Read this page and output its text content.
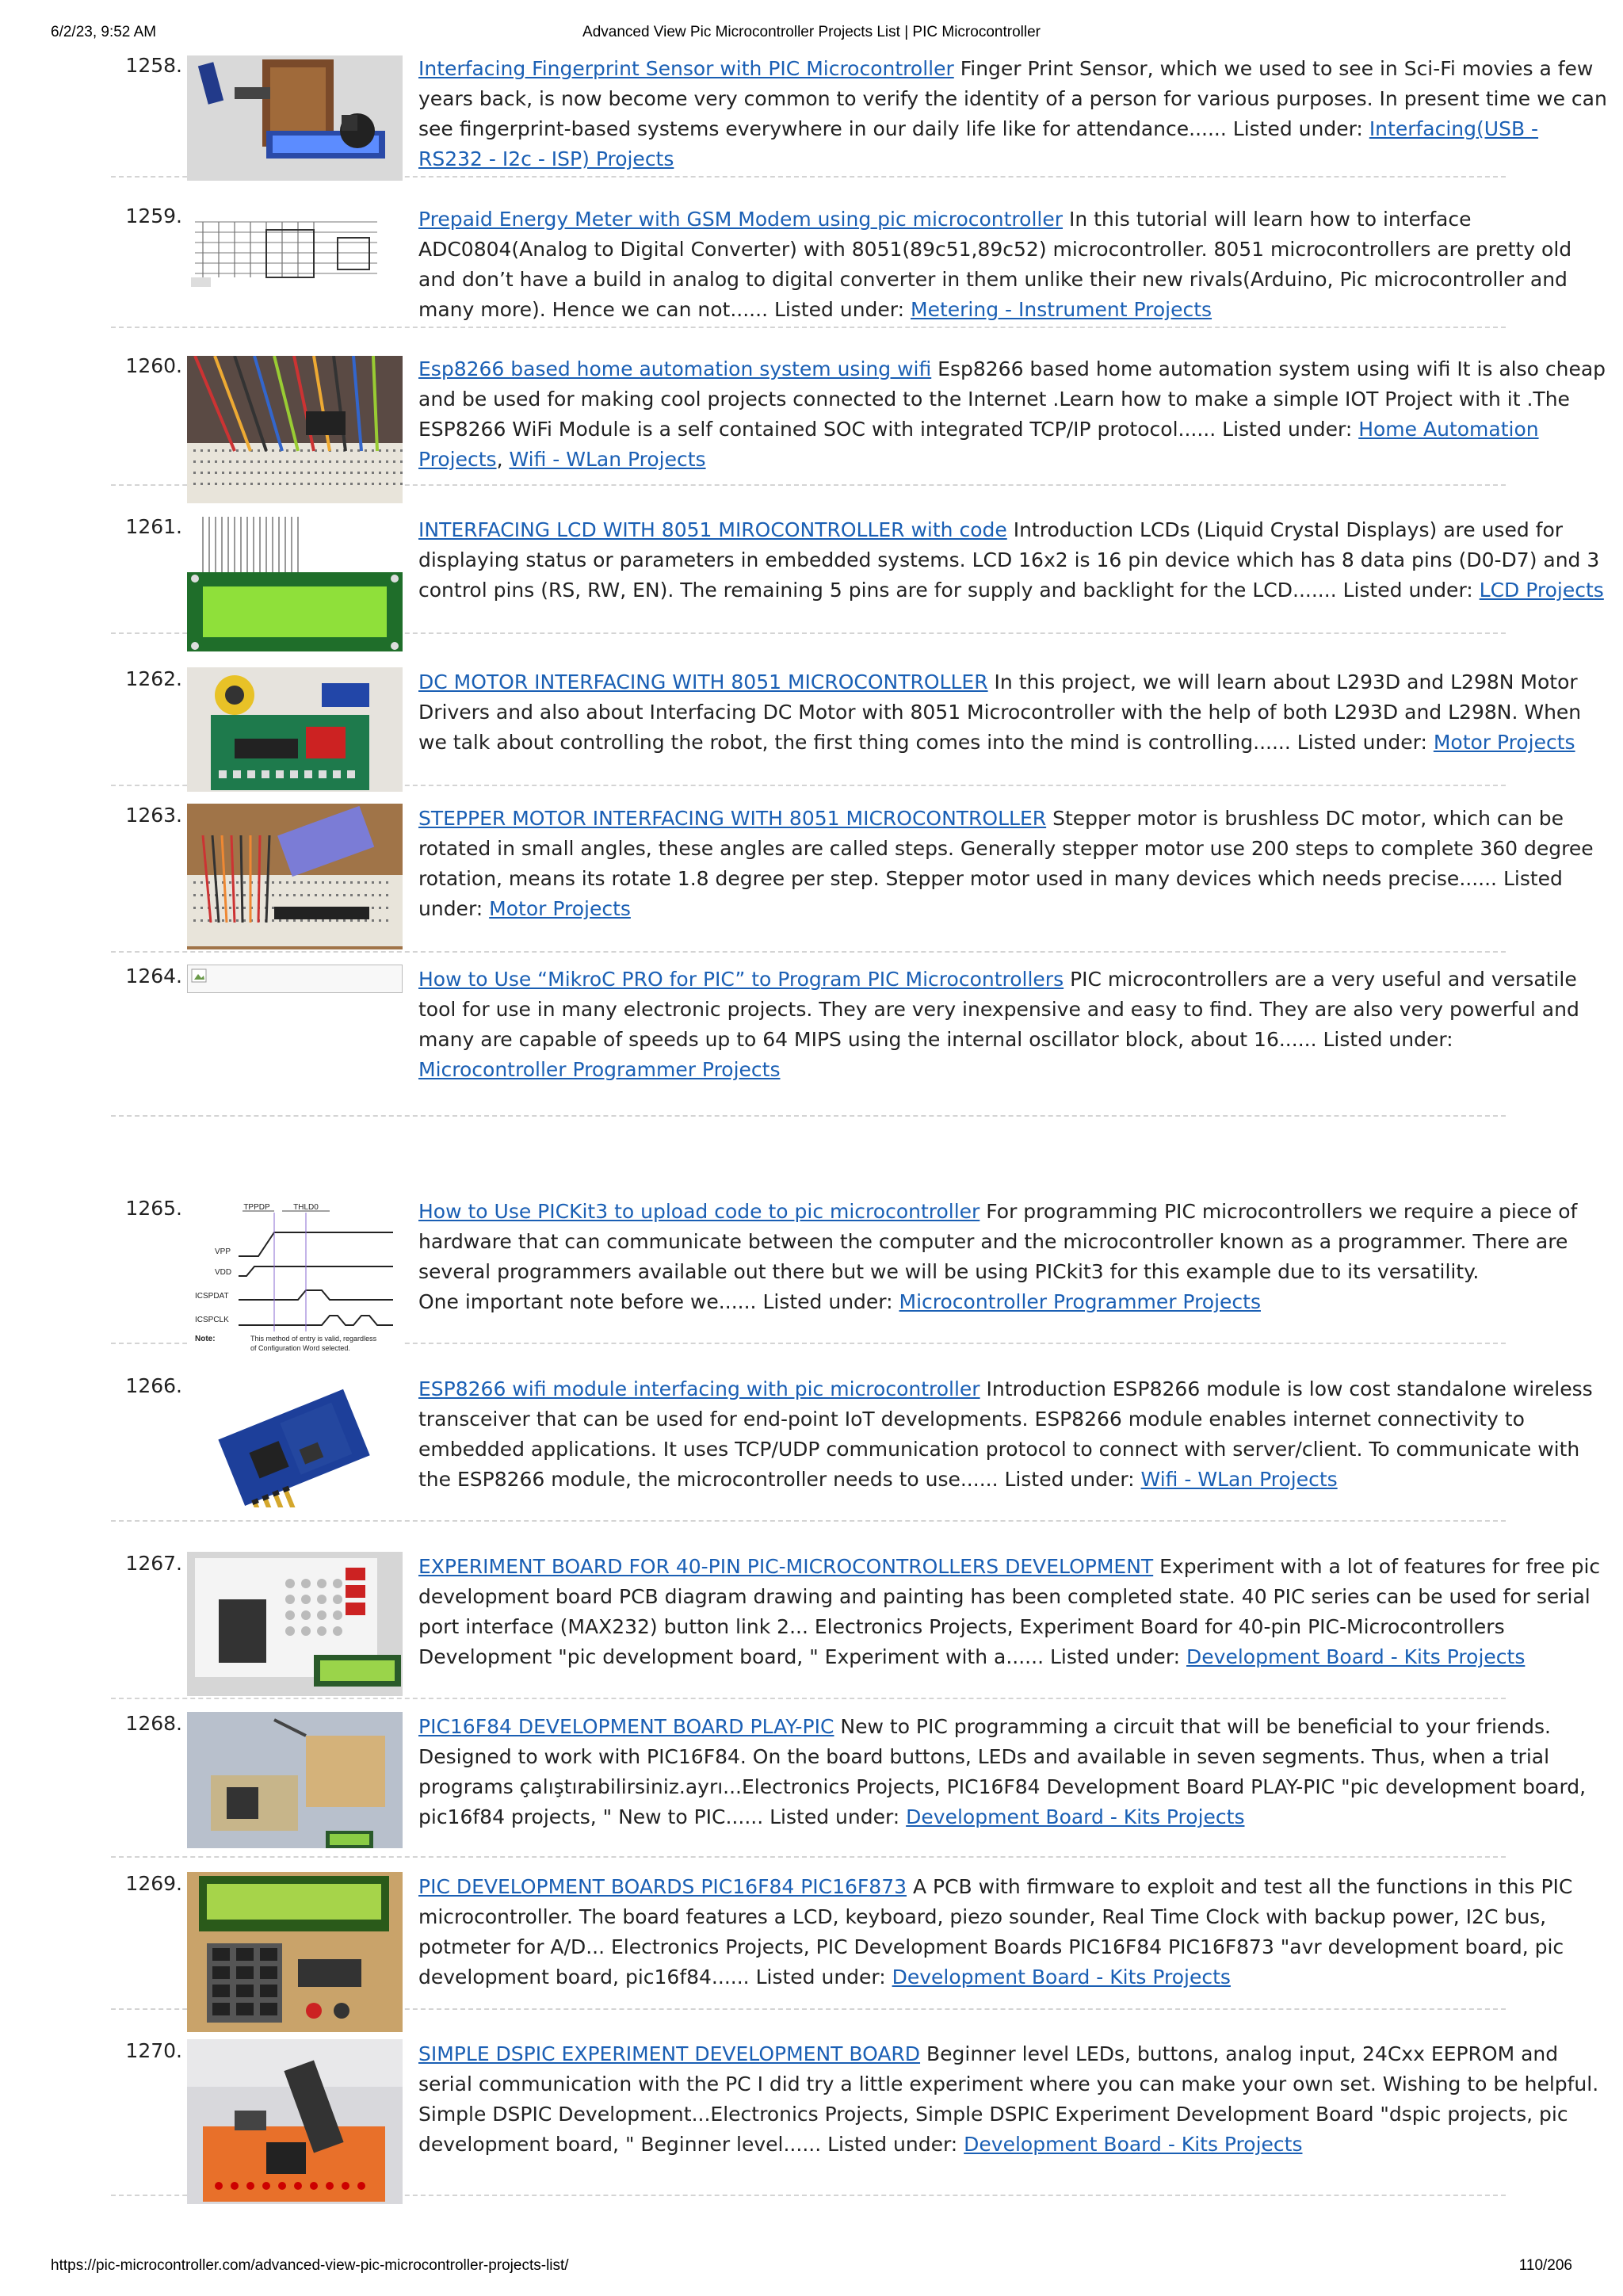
6/2/23, 9:52 AM	Advanced View Pic Microcontroller Projects List | PIC Microcontroller
1258.	Interfacing Fingerprint Sensor with PIC Microcontroller Finger Print Sensor, which we used to see in Sci-Fi movies a few years back, is now become very common to verify the identity of a person for various purposes. In present time we can see fingerprint-based systems everywhere in our daily life like for attendance...... Listed under: Interfacing(USB - RS232 - I2c - ISP) Projects
1259.	Prepaid Energy Meter with GSM Modem using pic microcontroller In this tutorial will learn how to interface ADC0804(Analog to Digital Converter) with 8051(89c51,89c52) microcontroller. 8051 microcontrollers are pretty old and don’t have a build in analog to digital converter in them unlike their new rivals(Arduino, Pic microcontroller and many more). Hence we can not...... Listed under: Metering - Instrument Projects
1260.	Esp8266 based home automation system using wifi Esp8266 based home automation system using wifi It is also cheap and be used for making cool projects connected to the Internet .Learn how to make a simple IOT Project with it .The ESP8266 WiFi Module is a self contained SOC with integrated TCP/IP protocol...... Listed under: Home Automation Projects, Wifi - WLan Projects
1261.	INTERFACING LCD WITH 8051 MIROCONTROLLER with code Introduction LCDs (Liquid Crystal Displays) are used for displaying status or parameters in embedded systems. LCD 16x2 is 16 pin device which has 8 data pins (D0-D7) and 3 control pins (RS, RW, EN). The remaining 5 pins are for supply and backlight for the LCD....... Listed under: LCD Projects
1262.	DC MOTOR INTERFACING WITH 8051 MICROCONTROLLER In this project, we will learn about L293D and L298N Motor Drivers and also about Interfacing DC Motor with 8051 Microcontroller with the help of both L293D and L298N. When we talk about controlling the robot, the first thing comes into the mind is controlling...... Listed under: Motor Projects
1263.	STEPPER MOTOR INTERFACING WITH 8051 MICROCONTROLLER Stepper motor is brushless DC motor, which can be rotated in small angles, these angles are called steps. Generally stepper motor use 200 steps to complete 360 degree rotation, means its rotate 1.8 degree per step. Stepper motor used in many devices which needs precise...... Listed under: Motor Projects
1264.	How to Use “MikroC PRO for PIC” to Program PIC Microcontrollers PIC microcontrollers are a very useful and versatile tool for use in many electronic projects. They are very inexpensive and easy to find. They are also very powerful and many are capable of speeds up to 64 MIPS using the internal oscillator block, about 16...... Listed under: Microcontroller Programmer Projects
1265.	TPPDP	THLD0
VPP
VDD
ICSPDAT
ICSPCLK
Note:	This method of entry is valid, regardless
of Configuration Word selected.
How to Use PICKit3 to upload code to pic microcontroller For programming PIC microcontrollers we require a piece of hardware that can communicate between the computer and the microcontroller known as a programmer. There are several programmers available out there but we will be using PICkit3 for this example due to its versatility.
One important note before we...... Listed under: Microcontroller Programmer Projects
1266.	ESP8266 wifi module interfacing with pic microcontroller Introduction ESP8266 module is low cost standalone wireless transceiver that can be used for end-point IoT developments. ESP8266 module enables internet connectivity to embedded applications. It uses TCP/UDP communication protocol to connect with server/client. To communicate with the ESP8266 module, the microcontroller needs to use...... Listed under: Wifi - WLan Projects
1267.	EXPERIMENT BOARD FOR 40-PIN PIC-MICROCONTROLLERS DEVELOPMENT Experiment with a lot of features for free pic development board PCB diagram drawing and painting has been completed state. 40 PIC series can be used for serial port interface (MAX232) button link 2... Electronics Projects, Experiment Board for 40-pin PIC-Microcontrollers Development "pic development board, " Experiment with a...... Listed under: Development Board - Kits Projects
1268.	PIC16F84 DEVELOPMENT BOARD PLAY-PIC New to PIC programming a circuit that will be beneficial to your friends. Designed to work with PIC16F84. On the board buttons, LEDs and available in seven segments. Thus, when a trial programs çalıştırabilirsiniz.ayrı...Electronics Projects, PIC16F84 Development Board PLAY-PIC "pic development board, pic16f84 projects, " New to PIC...... Listed under: Development Board - Kits Projects
1269.	PIC DEVELOPMENT BOARDS PIC16F84 PIC16F873 A PCB with firmware to exploit and test all the functions in this PIC microcontroller. The board features a LCD, keyboard, piezo sounder, Real Time Clock with backup power, I2C bus, potmeter for A/D... Electronics Projects, PIC Development Boards PIC16F84 PIC16F873 "avr development board, pic development board, pic16f84...... Listed under: Development Board - Kits Projects
1270.	SIMPLE DSPIC EXPERIMENT DEVELOPMENT BOARD Beginner level LEDs, buttons, analog input, 24Cxx EEPROM and serial communication with the PC I did try a little experiment where you can make your own set. Wishing to be helpful. Simple DSPIC Development...Electronics Projects, Simple DSPIC Experiment Development Board "dspic projects, pic development board, " Beginner level...... Listed under: Development Board - Kits Projects
https://pic-microcontroller.com/advanced-view-pic-microcontroller-projects-list/	110/206
